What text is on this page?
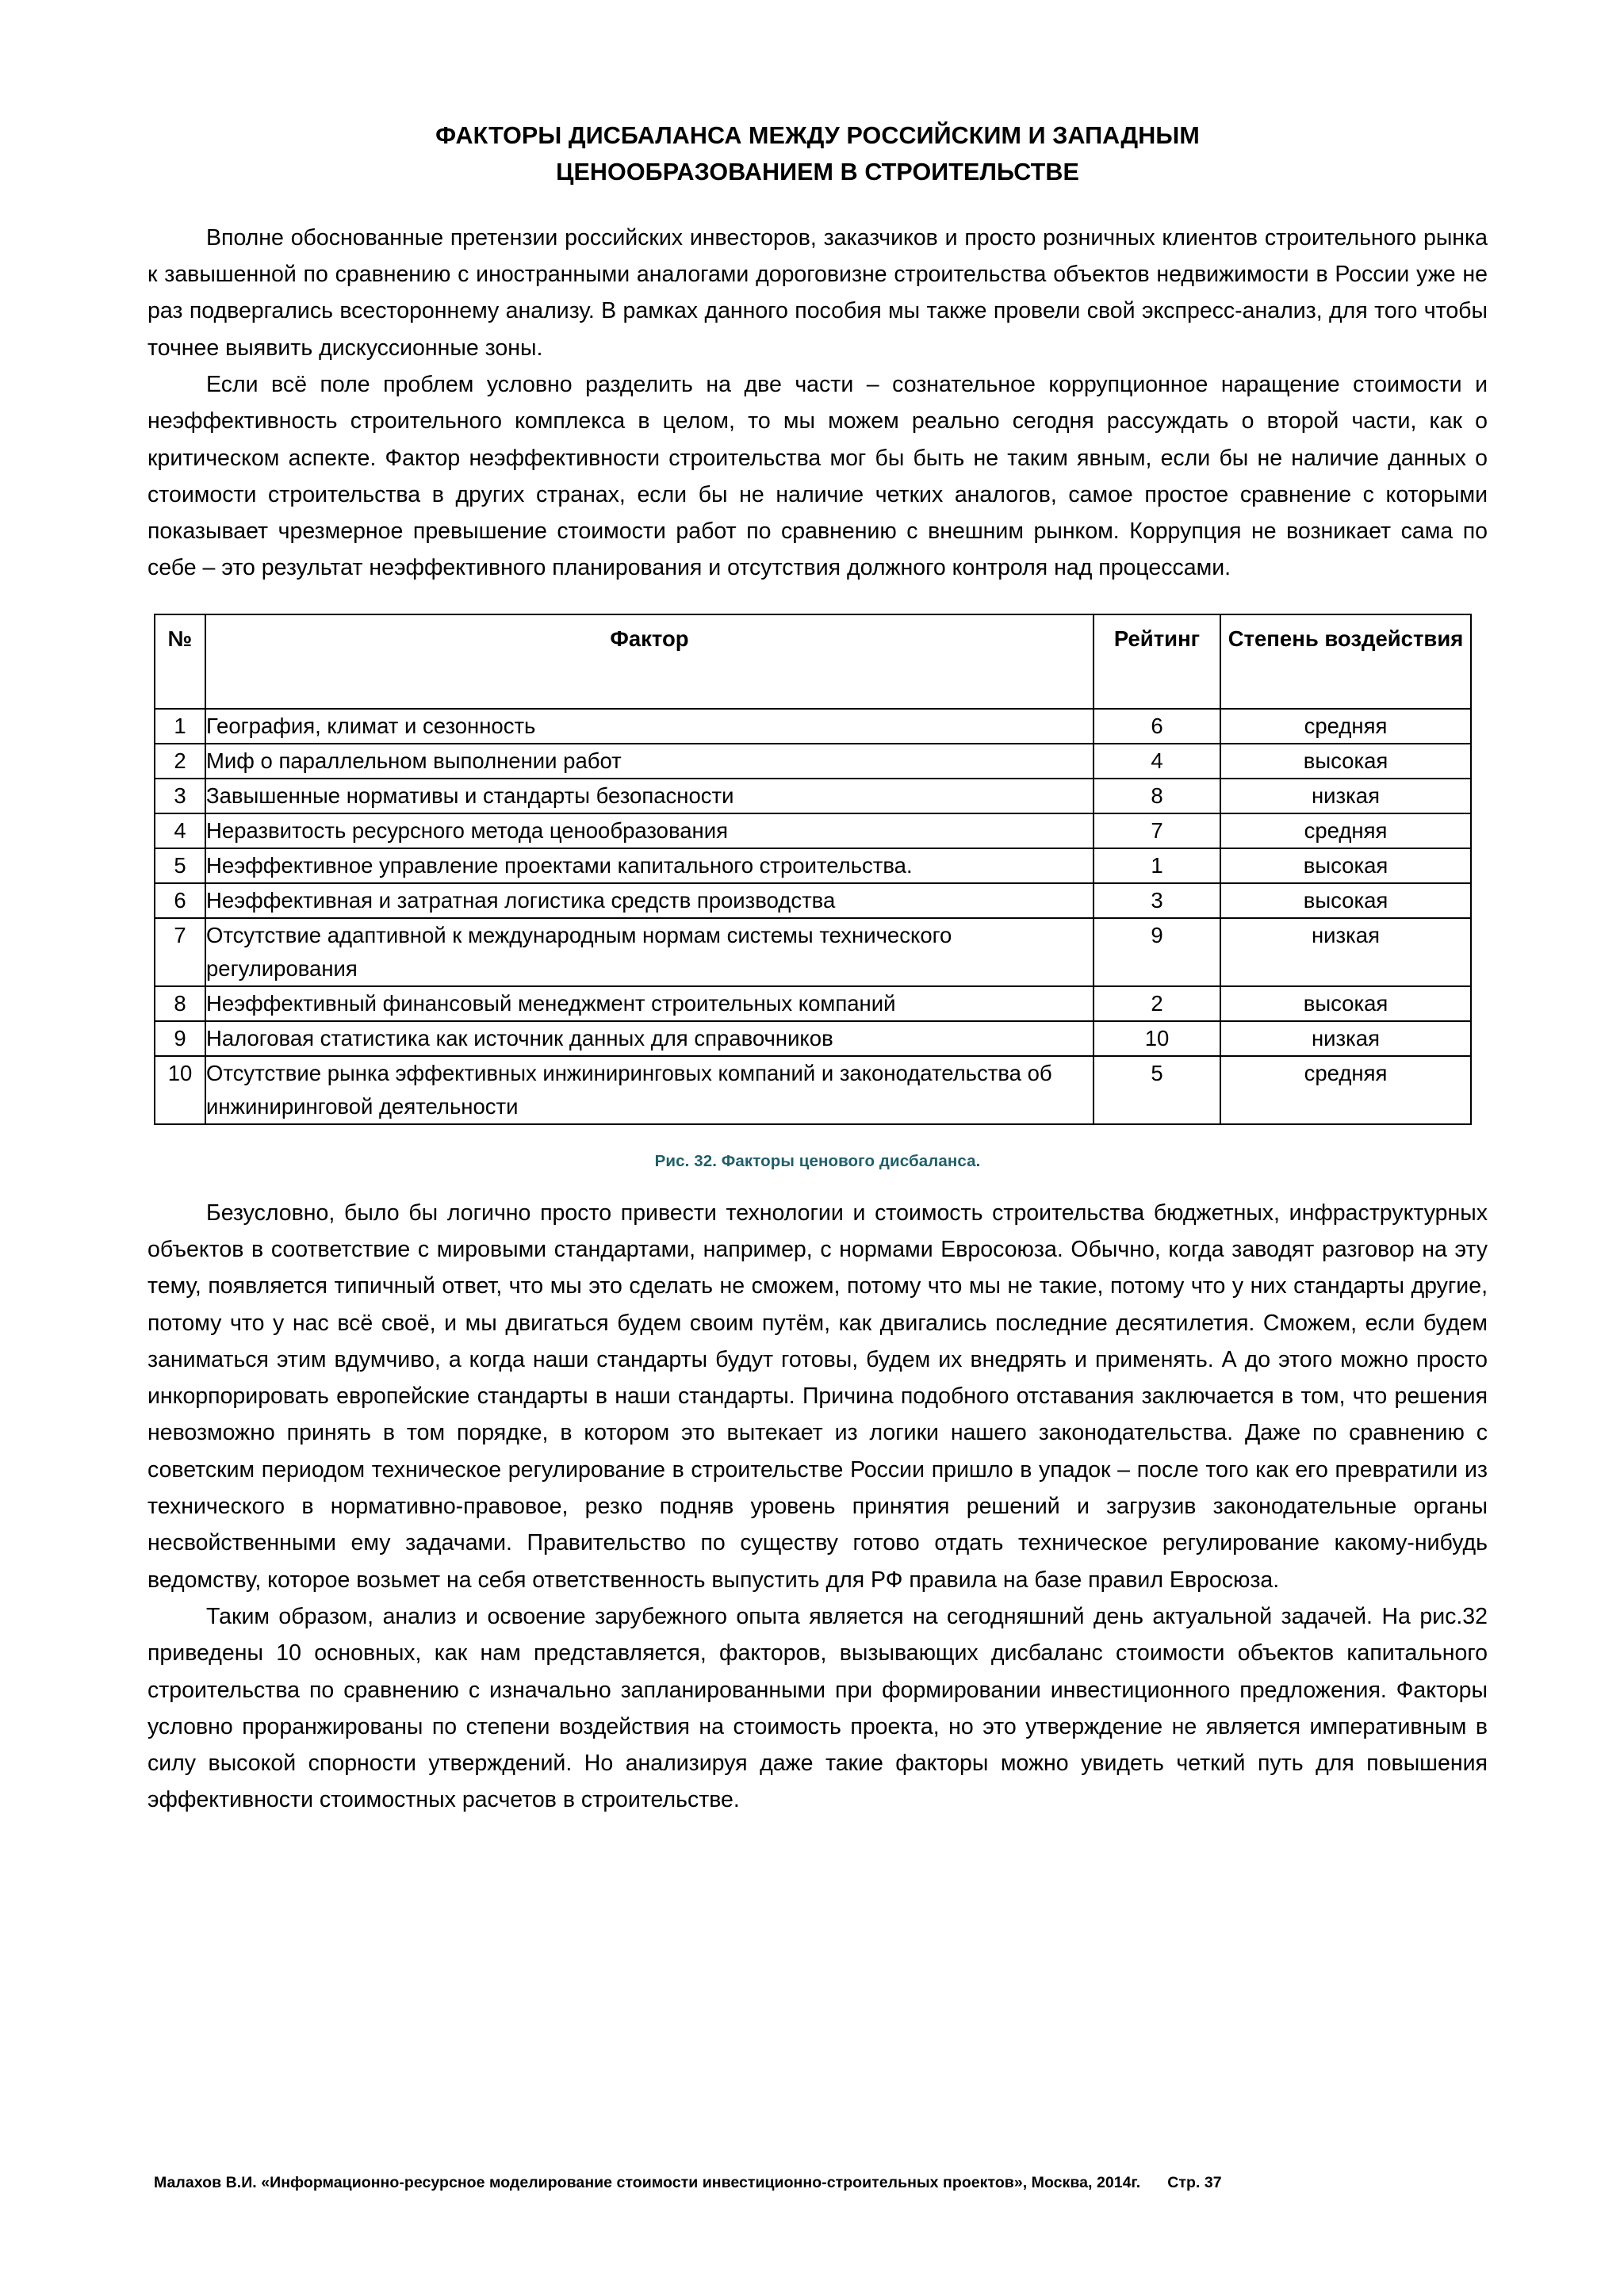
ФАКТОРЫ ДИСБАЛАНСА МЕЖДУ РОССИЙСКИМ И ЗАПАДНЫМ
ЦЕНООБРАЗОВАНИЕМ В СТРОИТЕЛЬСТВЕ

Вполне обоснованные претензии российских инвесторов, заказчиков и просто розничных клиентов строительного рынка к завышенной по сравнению с иностранными аналогами дороговизне строительства объектов недвижимости в России уже не раз подвергались всестороннему анализу. В рамках данного пособия мы также провели свой экспресс-анализ, для того чтобы точнее выявить дискуссионные зоны.

Если всё поле проблем условно разделить на две части – сознательное коррупционное наращение стоимости и неэффективность строительного комплекса в целом, то мы можем реально сегодня рассуждать о второй части, как о критическом аспекте. Фактор неэффективности строительства мог бы быть не таким явным, если бы не наличие данных о стоимости строительства в других странах, если бы не наличие четких аналогов, самое простое сравнение с которыми показывает чрезмерное превышение стоимости работ по сравнению с внешним рынком. Коррупция не возникает сама по себе – это результат неэффективного планирования и отсутствия должного контроля над процессами.

№	Фактор	Рейтинг	Степень воздействия
1	География, климат и сезонность	6	средняя
2	Миф о параллельном выполнении работ	4	высокая
3	Завышенные нормативы и стандарты безопасности	8	низкая
4	Неразвитость ресурсного метода ценообразования	7	средняя
5	Неэффективное управление проектами капитального строительства.	1	высокая
6	Неэффективная и затратная логистика средств производства	3	высокая
7	Отсутствие адаптивной к международным нормам системы технического регулирования	9	низкая
8	Неэффективный финансовый менеджмент строительных компаний	2	высокая
9	Налоговая статистика как источник данных для справочников	10	низкая
10	Отсутствие рынка эффективных инжиниринговых компаний и законодательства об инжиниринговой деятельности	5	средняя
Рис. 32. Факторы ценового дисбаланса.

Безусловно, было бы логично просто привести технологии и стоимость строительства бюджетных, инфраструктурных объектов в соответствие с мировыми стандартами, например, с нормами Евросоюза. Обычно, когда заводят разговор на эту тему, появляется типичный ответ, что мы это сделать не сможем, потому что мы не такие, потому что у них стандарты другие, потому что у нас всё своё, и мы двигаться будем своим путём, как двигались последние десятилетия. Сможем, если будем заниматься этим вдумчиво, а когда наши стандарты будут готовы, будем их внедрять и применять. А до этого можно просто инкорпорировать европейские стандарты в наши стандарты. Причина подобного отставания заключается в том, что решения невозможно принять в том порядке, в котором это вытекает из логики нашего законодательства. Даже по сравнению с советским периодом техническое регулирование в строительстве России пришло в упадок – после того как его превратили из технического в нормативно-правовое, резко подняв уровень принятия решений и загрузив законодательные органы несвойственными ему задачами. Правительство по существу готово отдать техническое регулирование какому-нибудь ведомству, которое возьмет на себя ответственность выпустить для РФ правила на базе правил Евросюза.

Таким образом, анализ и освоение зарубежного опыта является на сегодняшний день актуальной задачей. На рис.32 приведены 10 основных, как нам представляется, факторов, вызывающих дисбаланс стоимости объектов капитального строительства по сравнению с изначально запланированными при формировании инвестиционного предложения. Факторы условно проранжированы по степени воздействия на стоимость проекта, но это утверждение не является императивным в силу высокой спорности утверждений. Но анализируя даже такие факторы можно увидеть четкий путь для повышения эффективности стоимостных расчетов в строительстве.

Малахов В.И. «Информационно-ресурсное моделирование стоимости инвестиционно-строительных проектов», Москва, 2014г. Стр. 37
